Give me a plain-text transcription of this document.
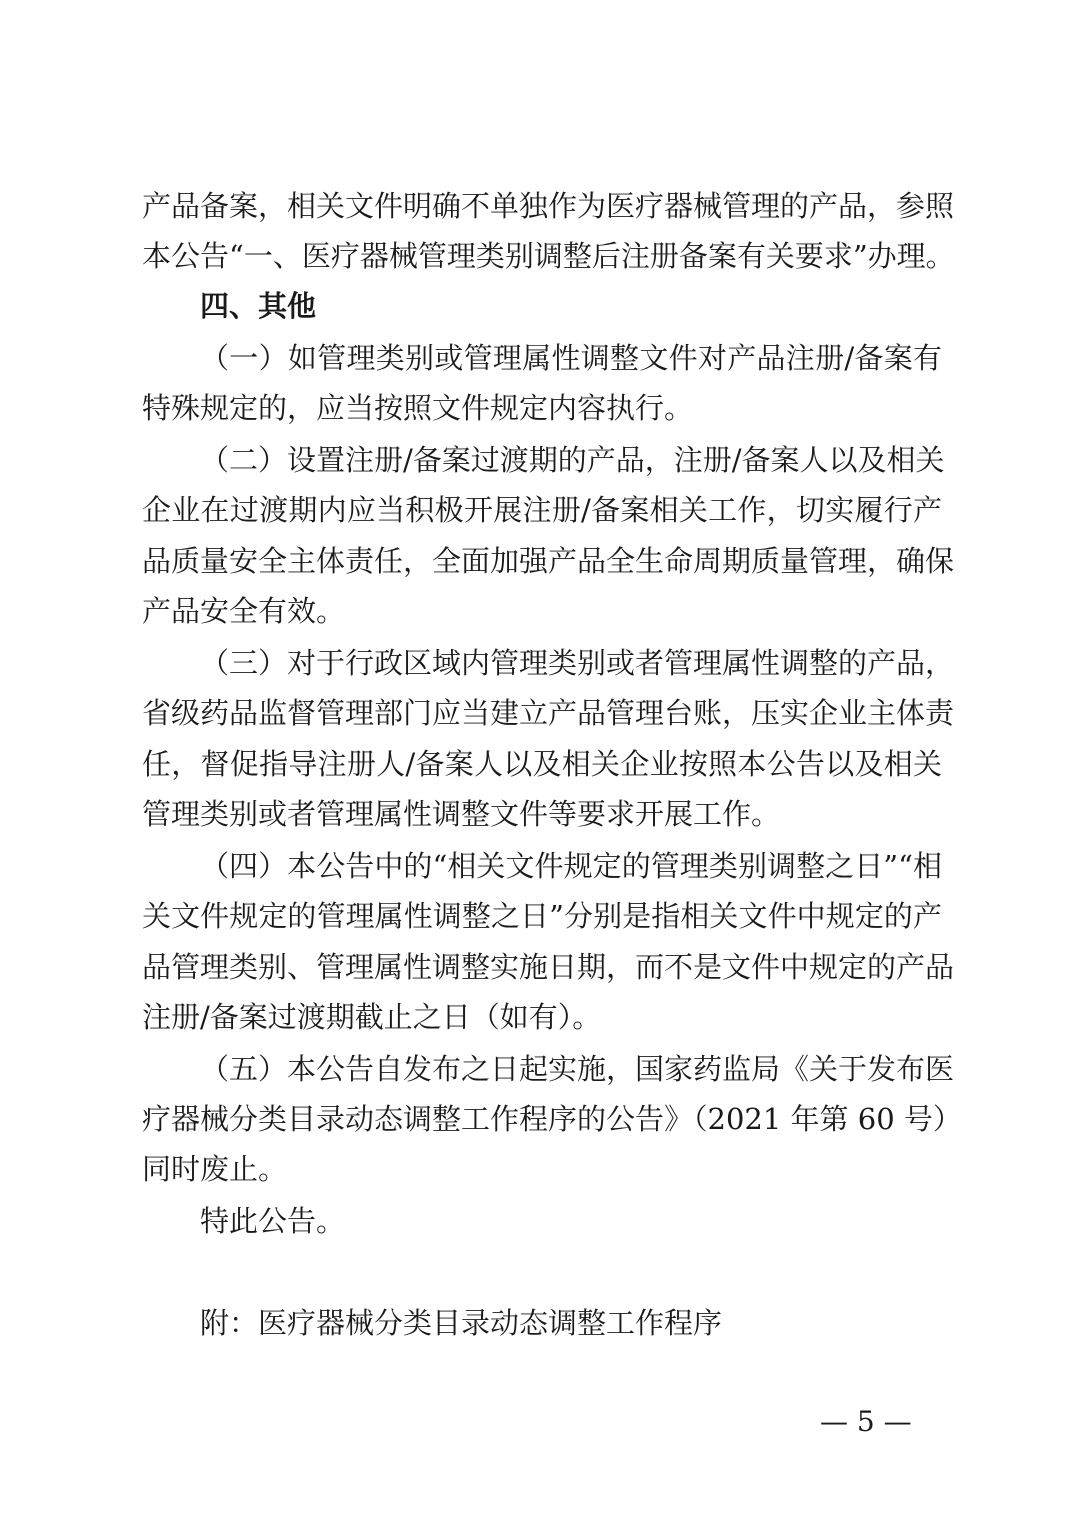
产品备案，相关文件明确不单独作为医疗器械管理的产品，参照
本公告“一、医疗器械管理类别调整后注册备案有关要求”办理。
四、其他
（一）如管理类别或管理属性调整文件对产品注册/备案有
特殊规定的，应当按照文件规定内容执行。
（二）设置注册/备案过渡期的产品，注册/备案人以及相关
企业在过渡期内应当积极开展注册/备案相关工作，切实履行产
品质量安全主体责任，全面加强产品全生命周期质量管理，确保
产品安全有效。
（三）对于行政区域内管理类别或者管理属性调整的产品，
省级药品监督管理部门应当建立产品管理台账，压实企业主体责
任，督促指导注册人/备案人以及相关企业按照本公告以及相关
管理类别或者管理属性调整文件等要求开展工作。
（四）本公告中的“相关文件规定的管理类别调整之日”“相
关文件规定的管理属性调整之日”分别是指相关文件中规定的产
品管理类别、管理属性调整实施日期，而不是文件中规定的产品
注册/备案过渡期截止之日（如有）。
（五）本公告自发布之日起实施，国家药监局《关于发布医
疗器械分类目录动态调整工作程序的公告》（2021 年第 60 号）
同时废止。
特此公告。
附：医疗器械分类目录动态调整工作程序
— 5 —
